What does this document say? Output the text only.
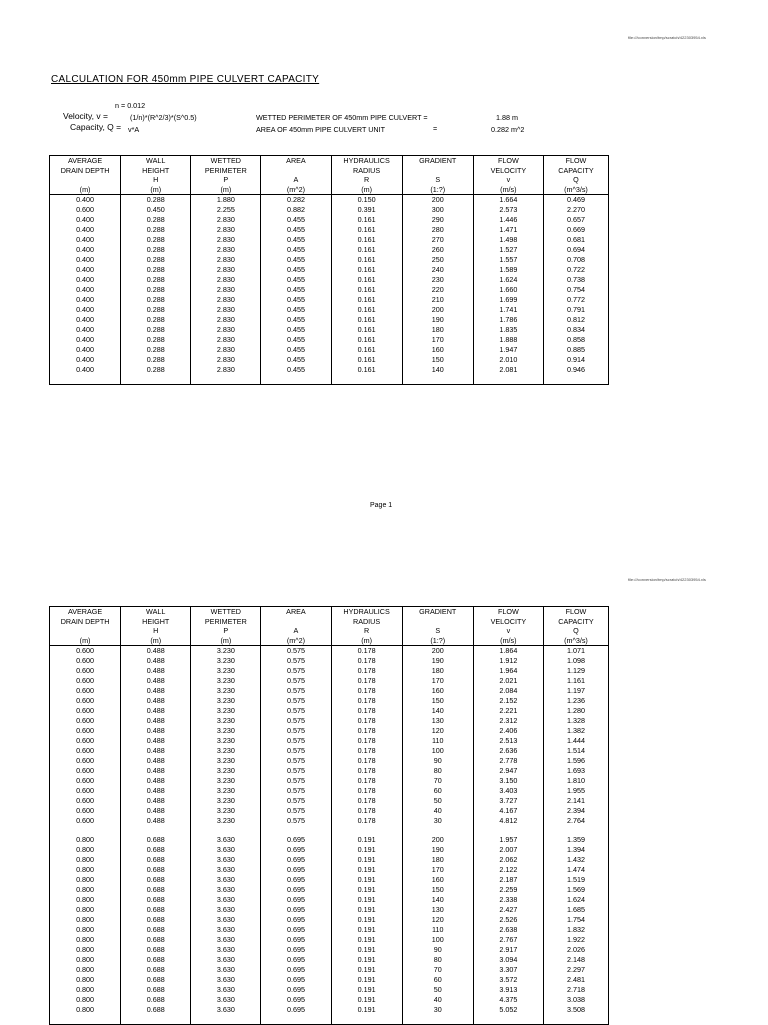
file:///conversion/tmp/scratch/422303954.xls
CALCULATION FOR 450mm PIPE CULVERT CAPACITY
n = 0.012
Velocity, v =	(1/n)*(R^2/3)*(S^0.5)
Capacity, Q = v*A
WETTED PERIMETER OF 450mm PIPE CULVERT =	1.88 m
AREA OF 450mm PIPE CULVERT UNIT	=	0.282 m^2
AVERAGE	WALL	WETTED	AREA	HYDRAULICS	GRADIENT	FLOW	FLOW
DRAIN DEPTH	HEIGHT	PERIMETER		RADIUS		VELOCITY	CAPACITY
	H	P	A	R	S	v	Q
(m)	(m)	(m)	(m^2)	(m)	(1:?)	(m/s)	(m^3/s)
0.400	0.288	1.880	0.282	0.150	200	1.664	0.469
0.600	0.450	2.255	0.882	0.391	300	2.573	2.270
0.400	0.288	2.830	0.455	0.161	290	1.446	0.657
0.400	0.288	2.830	0.455	0.161	280	1.471	0.669
0.400	0.288	2.830	0.455	0.161	270	1.498	0.681
0.400	0.288	2.830	0.455	0.161	260	1.527	0.694
0.400	0.288	2.830	0.455	0.161	250	1.557	0.708
0.400	0.288	2.830	0.455	0.161	240	1.589	0.722
0.400	0.288	2.830	0.455	0.161	230	1.624	0.738
0.400	0.288	2.830	0.455	0.161	220	1.660	0.754
0.400	0.288	2.830	0.455	0.161	210	1.699	0.772
0.400	0.288	2.830	0.455	0.161	200	1.741	0.791
0.400	0.288	2.830	0.455	0.161	190	1.786	0.812
0.400	0.288	2.830	0.455	0.161	180	1.835	0.834
0.400	0.288	2.830	0.455	0.161	170	1.888	0.858
0.400	0.288	2.830	0.455	0.161	160	1.947	0.885
0.400	0.288	2.830	0.455	0.161	150	2.010	0.914
0.400	0.288	2.830	0.455	0.161	140	2.081	0.946

Page 1
file:///conversion/tmp/scratch/422303954.xls
AVERAGE	WALL	WETTED	AREA	HYDRAULICS	GRADIENT	FLOW	FLOW
DRAIN DEPTH	HEIGHT	PERIMETER		RADIUS		VELOCITY	CAPACITY
	H	P	A	R	S	v	Q
(m)	(m)	(m)	(m^2)	(m)	(1:?)	(m/s)	(m^3/s)
0.600	0.488	3.230	0.575	0.178	200	1.864	1.071
0.600	0.488	3.230	0.575	0.178	190	1.912	1.098
0.600	0.488	3.230	0.575	0.178	180	1.964	1.129
0.600	0.488	3.230	0.575	0.178	170	2.021	1.161
0.600	0.488	3.230	0.575	0.178	160	2.084	1.197
0.600	0.488	3.230	0.575	0.178	150	2.152	1.236
0.600	0.488	3.230	0.575	0.178	140	2.221	1.280
0.600	0.488	3.230	0.575	0.178	130	2.312	1.328
0.600	0.488	3.230	0.575	0.178	120	2.406	1.382
0.600	0.488	3.230	0.575	0.178	110	2.513	1.444
0.600	0.488	3.230	0.575	0.178	100	2.636	1.514
0.600	0.488	3.230	0.575	0.178	90	2.778	1.596
0.600	0.488	3.230	0.575	0.178	80	2.947	1.693
0.600	0.488	3.230	0.575	0.178	70	3.150	1.810
0.600	0.488	3.230	0.575	0.178	60	3.403	1.955
0.600	0.488	3.230	0.575	0.178	50	3.727	2.141
0.600	0.488	3.230	0.575	0.178	40	4.167	2.394
0.600	0.488	3.230	0.575	0.178	30	4.812	2.764

0.800	0.688	3.630	0.695	0.191	200	1.957	1.359
0.800	0.688	3.630	0.695	0.191	190	2.007	1.394
0.800	0.688	3.630	0.695	0.191	180	2.062	1.432
0.800	0.688	3.630	0.695	0.191	170	2.122	1.474
0.800	0.688	3.630	0.695	0.191	160	2.187	1.519
0.800	0.688	3.630	0.695	0.191	150	2.259	1.569
0.800	0.688	3.630	0.695	0.191	140	2.338	1.624
0.800	0.688	3.630	0.695	0.191	130	2.427	1.685
0.800	0.688	3.630	0.695	0.191	120	2.526	1.754
0.800	0.688	3.630	0.695	0.191	110	2.638	1.832
0.800	0.688	3.630	0.695	0.191	100	2.767	1.922
0.800	0.688	3.630	0.695	0.191	90	2.917	2.026
0.800	0.688	3.630	0.695	0.191	80	3.094	2.148
0.800	0.688	3.630	0.695	0.191	70	3.307	2.297
0.800	0.688	3.630	0.695	0.191	60	3.572	2.481
0.800	0.688	3.630	0.695	0.191	50	3.913	2.718
0.800	0.688	3.630	0.695	0.191	40	4.375	3.038
0.800	0.688	3.630	0.695	0.191	30	5.052	3.508
